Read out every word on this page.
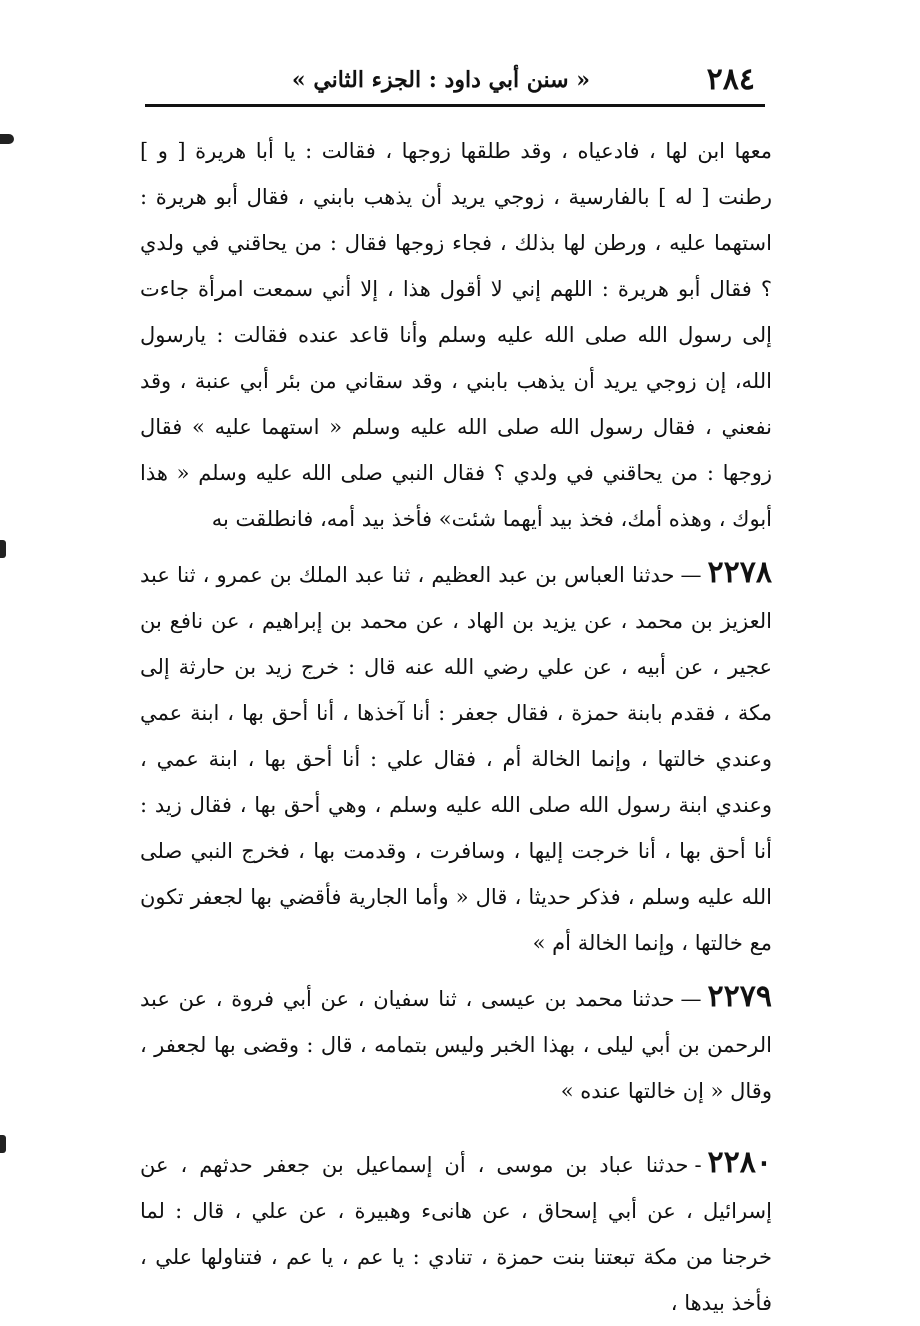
٢٨٤
« سنن أبي داود : الجزء الثاني »

معها ابن لها ، فادعياه ، وقد طلقها زوجها ، فقالت : يا أبا هريرة [ و ] رطنت [ له ] بالفارسية ، زوجي يريد أن يذهب بابني ، فقال أبو هريرة : استهما عليه ، ورطن لها بذلك ، فجاء زوجها فقال : من يحاقني في ولدي ؟ فقال أبو هريرة : اللهم إني لا أقول هذا ، إلا أني سمعت امرأة جاءت إلى رسول الله صلى الله عليه وسلم وأنا قاعد عنده فقالت : يارسول الله، إن زوجي يريد أن يذهب بابني ، وقد سقاني من بئر أبي عنبة ، وقد نفعني ، فقال رسول الله صلى الله عليه وسلم « استهما عليه » فقال زوجها : من يحاقني في ولدي ؟ فقال النبي صلى الله عليه وسلم « هذا أبوك ، وهذه أمك، فخذ بيد أيهما شئت» فأخذ بيد أمه، فانطلقت به

٢٢٧٨—حدثنا العباس بن عبد العظيم ، ثنا عبد الملك بن عمرو ، ثنا عبد العزيز بن محمد ، عن يزيد بن الهاد ، عن محمد بن إبراهيم ، عن نافع بن عجير ، عن أبيه ، عن علي رضي الله عنه قال : خرج زيد بن حارثة إلى مكة ، فقدم بابنة حمزة ، فقال جعفر : أنا آخذها ، أنا أحق بها ، ابنة عمي وعندي خالتها ، وإنما الخالة أم ، فقال علي : أنا أحق بها ، ابنة عمي ، وعندي ابنة رسول الله صلى الله عليه وسلم ، وهي أحق بها ، فقال زيد : أنا أحق بها ، أنا خرجت إليها ، وسافرت ، وقدمت بها ، فخرج النبي صلى الله عليه وسلم ، فذكر حديثا ، قال « وأما الجارية فأقضي بها لجعفر تكون مع خالتها ، وإنما الخالة أم »

٢٢٧٩—حدثنا محمد بن عيسى ، ثنا سفيان ، عن أبي فروة ، عن عبد الرحمن بن أبي ليلى ، بهذا الخبر وليس بتمامه ، قال : وقضى بها لجعفر ، وقال « إن خالتها عنده »

٢٢٨٠-حدثنا عباد بن موسى ، أن إسماعيل بن جعفر حدثهم ، عن إسرائيل ، عن أبي إسحاق ، عن هانىء وهبيرة ، عن علي ، قال : لما خرجنا من مكة تبعتنا بنت حمزة ، تنادي : يا عم ، يا عم ، فتناولها علي ، فأخذ بيدها ،
